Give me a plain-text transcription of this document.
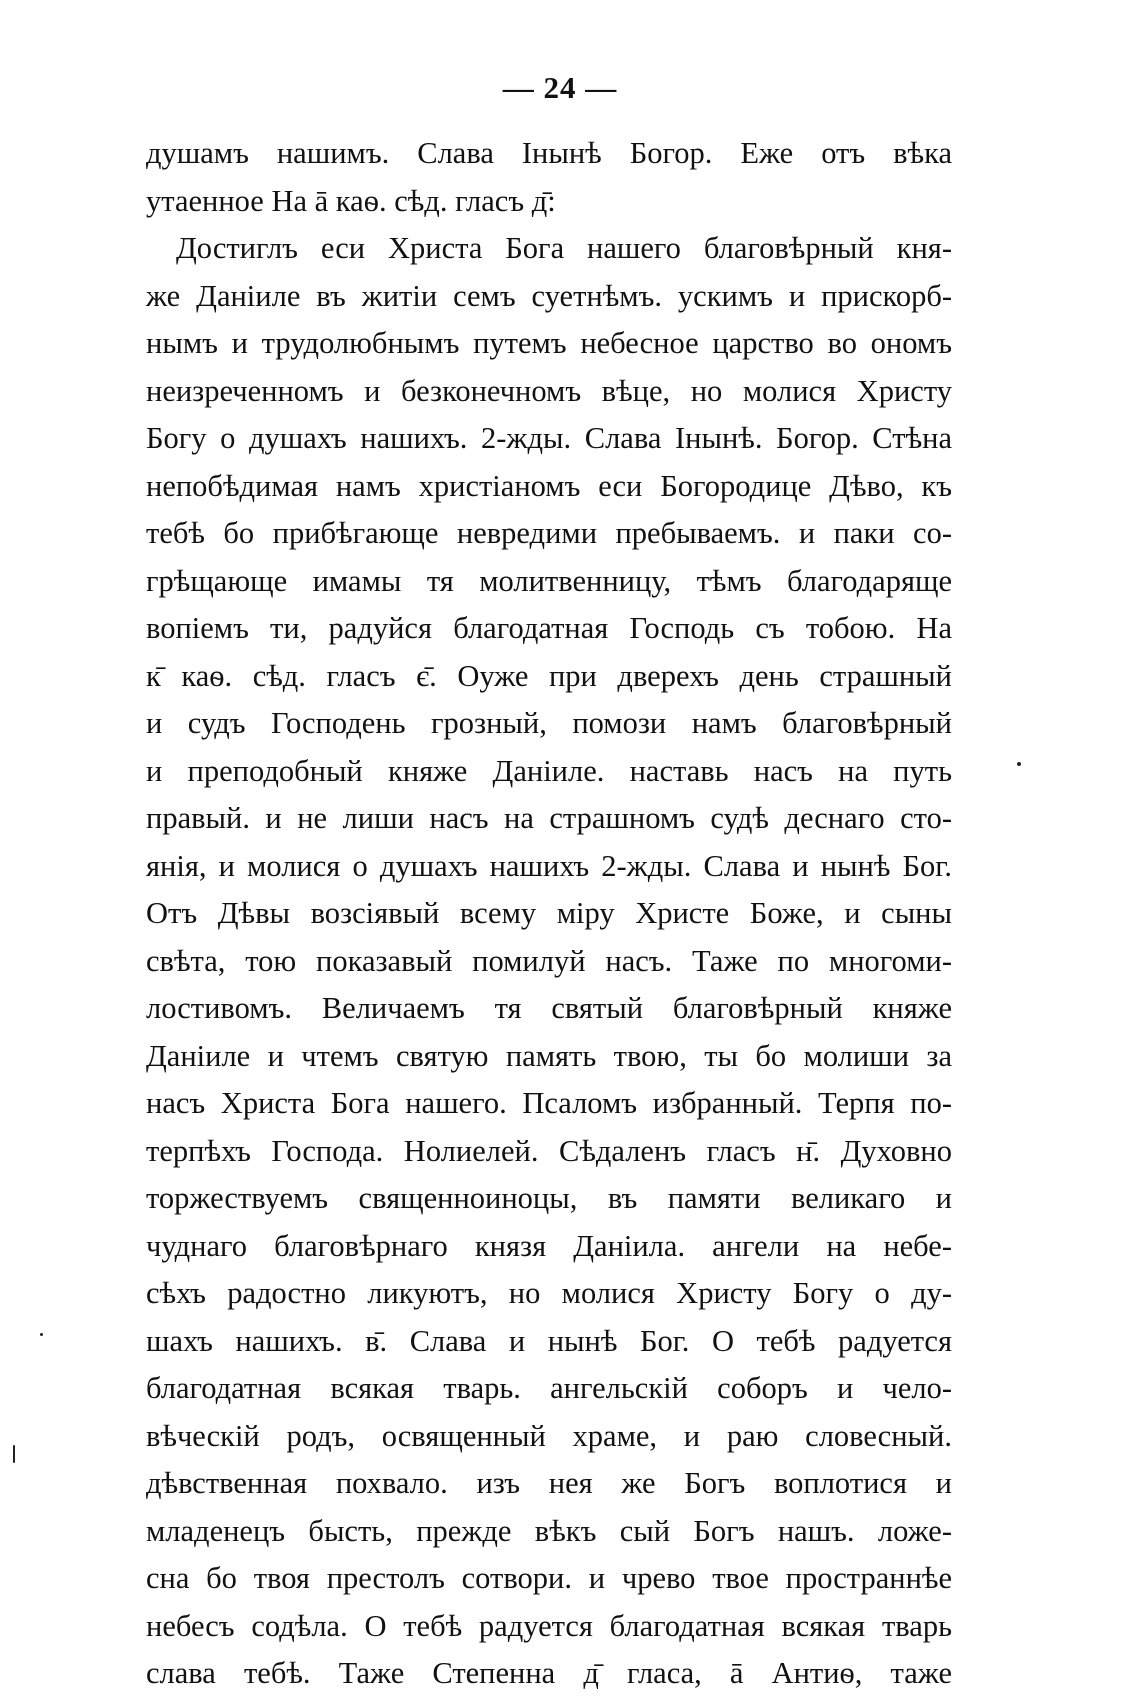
— 24 —
душамъ нашимъ. Слава Інынѣ Богор. Еже отъ вѣка
утаенное На ā каѳ. сѣд. гласъ д̄:
Достиглъ еси Христа Бога нашего благовѣрный кня-
же Даніиле въ житіи семъ суетнѣмъ. ускимъ и прискорб-
нымъ и трудолюбнымъ путемъ небесное царство во ономъ
неизреченномъ и безконечномъ вѣце, но молися Христу
Богу о душахъ нашихъ. 2-жды. Слава Інынѣ. Богор. Стѣна
непобѣдимая намъ христіаномъ еси Богородице Дѣво, къ
тебѣ бо прибѣгающе невредими пребываемъ. и паки со-
грѣщающе имамы тя молитвенницу, тѣмъ благодаряще
вопіемъ ти, радуйся благодатная Господь съ тобою. На
к̄ каѳ. сѣд. гласъ є̄. Оуже при дверехъ день страшный
и судъ Господень грозный, помози намъ благовѣрный
и преподобный княже Даніиле. наставь насъ на путь
правый. и не лиши насъ на страшномъ судѣ деснаго сто-
янія, и молися о душахъ нашихъ 2-жды. Слава и нынѣ Бог.
Отъ Дѣвы возсіявый всему міру Христе Боже, и сыны
свѣта, тою показавый помилуй насъ. Таже по многоми-
лостивомъ. Величаемъ тя святый благовѣрный княже
Даніиле и чтемъ святую память твою, ты бо молиши за
насъ Христа Бога нашего. Псаломъ избранный. Терпя по-
терпѣхъ Господа. Нолиелей. Сѣдаленъ гласъ н̄. Духовно
торжествуемъ священноиноцы, въ памяти великаго и
чуднаго благовѣрнаго князя Даніила. ангели на небе-
сѣхъ радостно ликуютъ, но молися Христу Богу о ду-
шахъ нашихъ. в̄. Слава и нынѣ Бог. О тебѣ радуется
благодатная всякая тварь. ангельскій соборъ и чело-
вѣческій родъ, освященный храме, и раю словесный.
дѣвственная похвало. изъ нея же Богъ воплотися и
младенецъ бысть, прежде вѣкъ сый Богъ нашъ. ложе-
сна бо твоя престолъ сотвори. и чрево твое пространнѣе
небесъ содѣла. О тебѣ радуется благодатная всякая тварь
слава тебѣ. Таже Степенна д̄ гласа, ā Антиѳ, таже
